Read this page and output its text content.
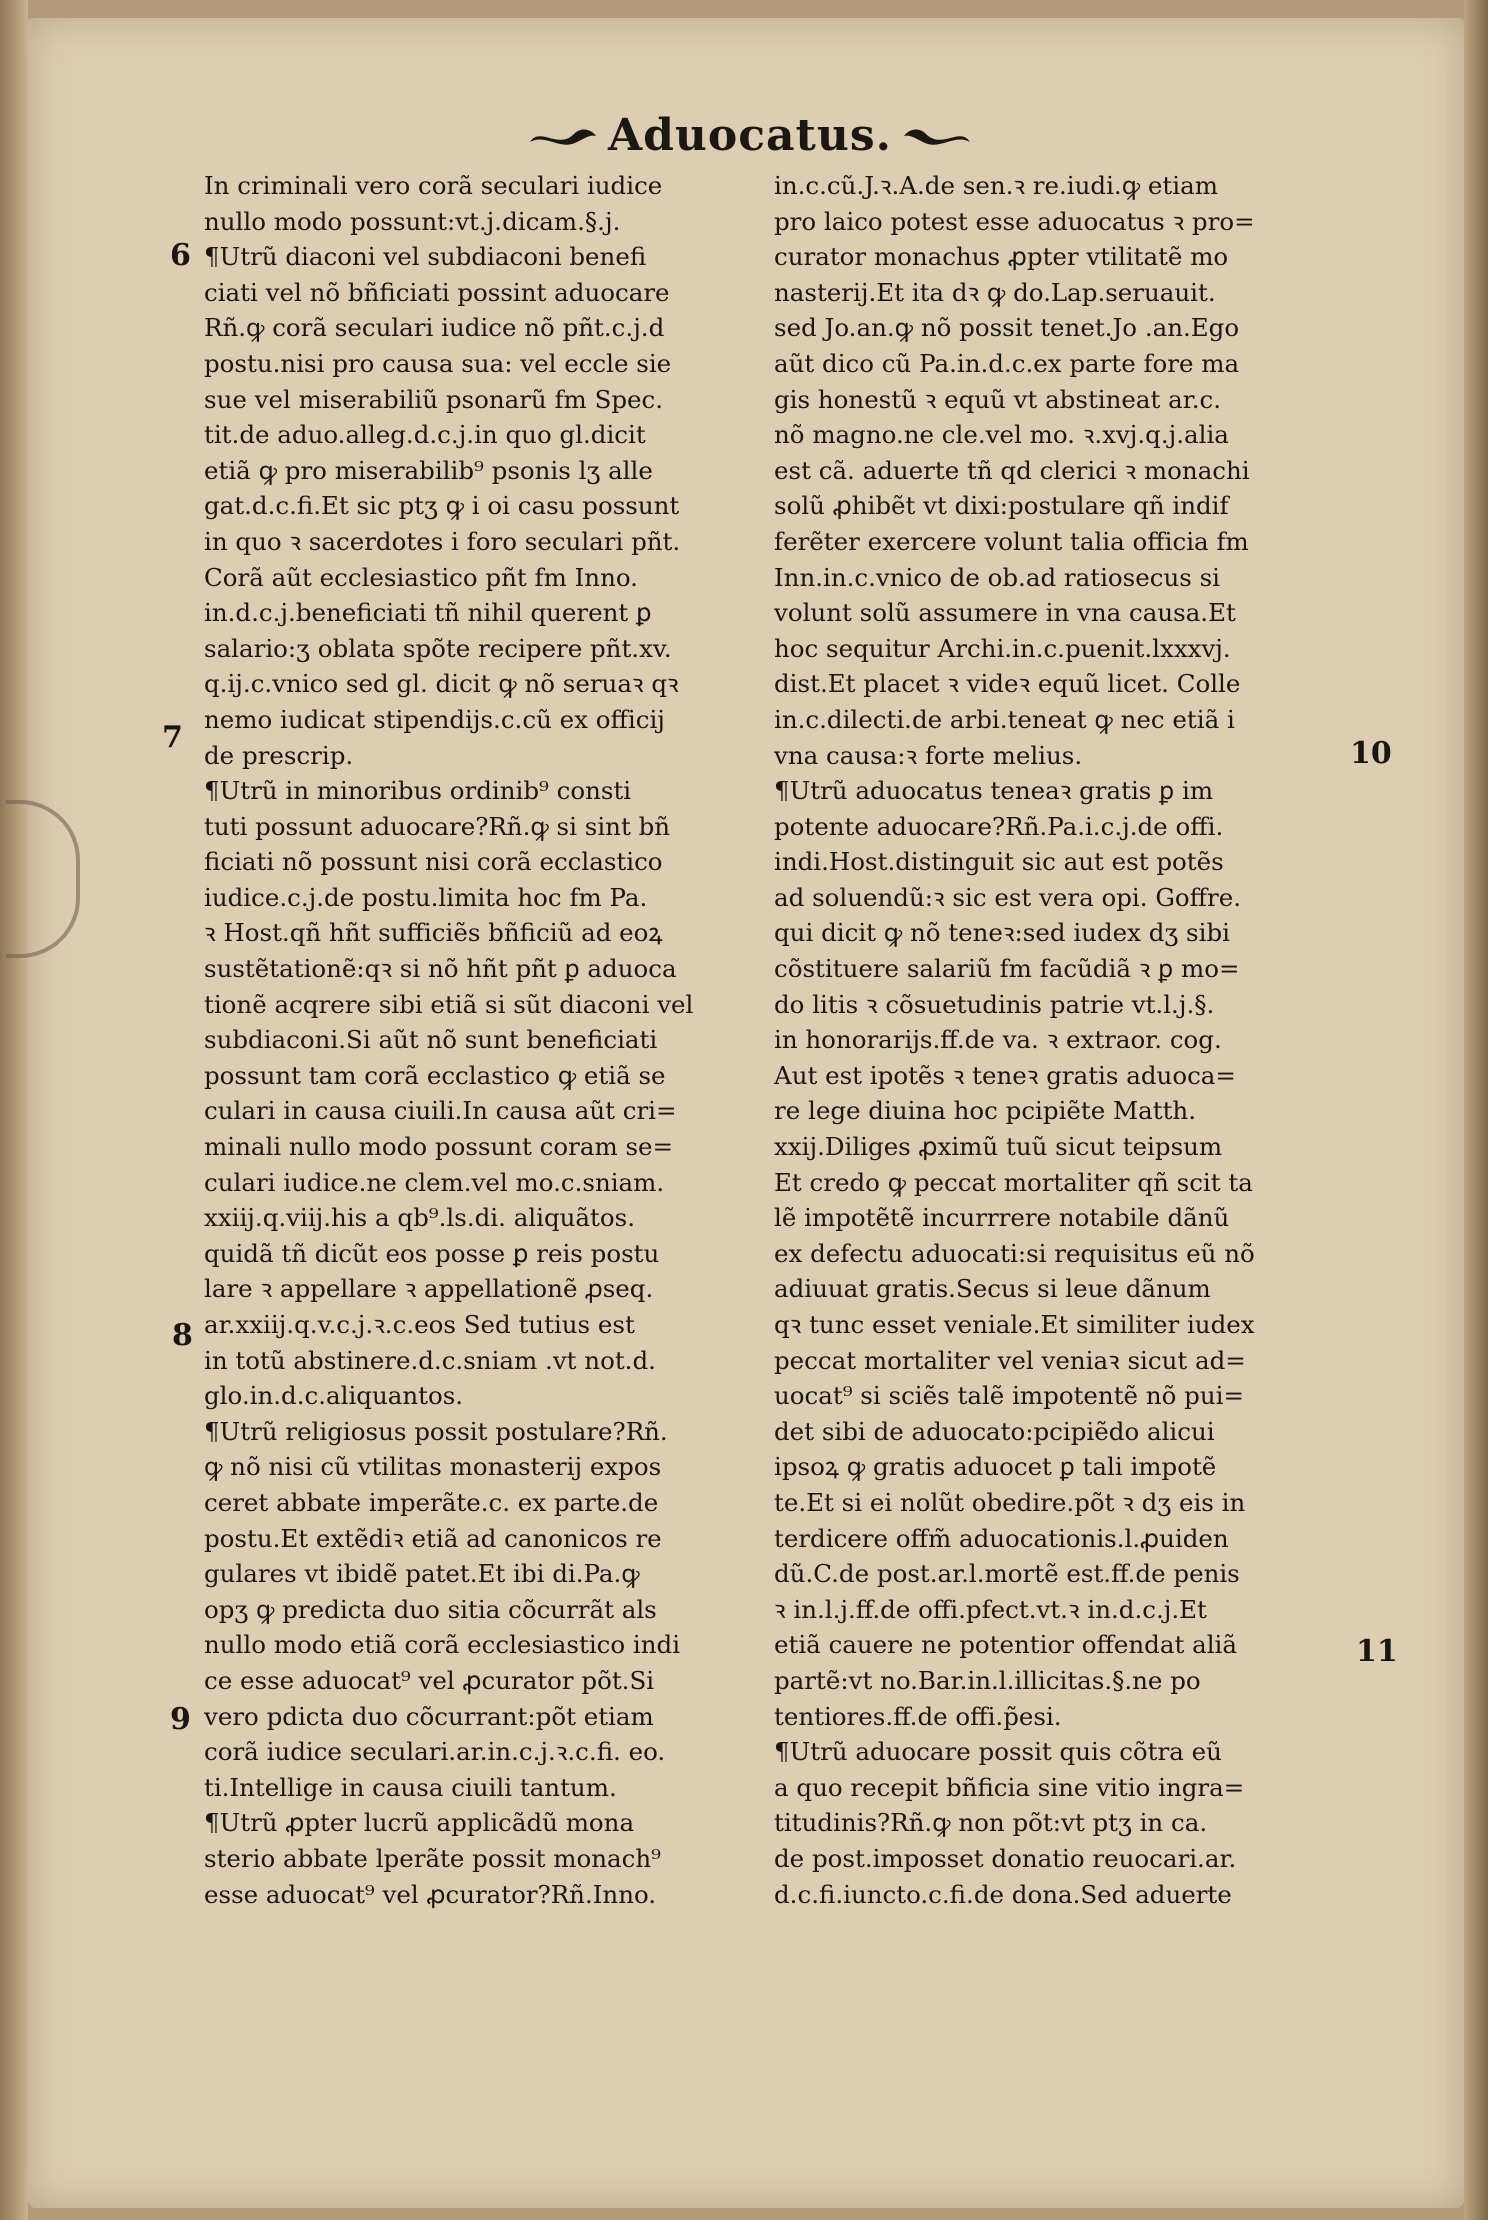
Aduocatus.
In criminali vero corã seculari iudice
nullo modo possunt:vt.j.dicam.§.j.
¶Utrũ diaconi vel subdiaconi benefi
ciati vel nõ bñficiati possint aduocare
Rñ.ꝙ corã seculari iudice nõ pñt.c.j.d
postu.nisi pro causa sua: vel eccle sie
sue vel miserabiliũ psonarũ fm Spec.
tit.de aduo.alleg.d.c.j.in quo gl.dicit
etiã ꝙ pro miserabilib⁹ psonis lʒ alle
gat.d.c.fi.Et sic ptʒ ꝙ i oi casu possunt
in quo ꝛ sacerdotes i foro seculari pñt.
Corã aũt ecclesiastico pñt fm Inno.
in.d.c.j.beneficiati tñ nihil querent ꝑ
salario:ʒ oblata spõte recipere pñt.xv.
q.ij.c.vnico sed gl. dicit ꝙ nõ seruaꝛ qꝛ
nemo iudicat stipendijs.c.cũ ex officij
de prescrip.
¶Utrũ in minoribus ordinib⁹ consti
tuti possunt aduocare?Rñ.ꝙ si sint bñ
ficiati nõ possunt nisi corã ecclastico
iudice.c.j.de postu.limita hoc fm Pa.
ꝛ Host.qñ hñt sufficiẽs bñficiũ ad eoꝝ
sustẽtationẽ:qꝛ si nõ hñt pñt ꝑ aduoca
tionẽ acqrere sibi etiã si sũt diaconi vel
subdiaconi.Si aũt nõ sunt beneficiati
possunt tam corã ecclastico ꝙ etiã se
culari in causa ciuili.In causa aũt cri=
minali nullo modo possunt coram se=
culari iudice.ne clem.vel mo.c.sniam.
xxiij.q.viij.his a qb⁹.ls.di. aliquãtos.
quidã tñ dicũt eos posse ꝑ reis postu
lare ꝛ appellare ꝛ appellationẽ ꝓseq.
ar.xxiij.q.v.c.j.ꝛ.c.eos Sed tutius est
in totũ abstinere.d.c.sniam .vt not.d.
glo.in.d.c.aliquantos.
¶Utrũ religiosus possit postulare?Rñ.
ꝙ nõ nisi cũ vtilitas monasterij expos
ceret abbate imperãte.c. ex parte.de
postu.Et extẽdiꝛ etiã ad canonicos re
gulares vt ibidẽ patet.Et ibi di.Pa.ꝙ
opʒ ꝙ predicta duo sitia cõcurrãt als
nullo modo etiã corã ecclesiastico indi
ce esse aduocat⁹ vel ꝓcurator põt.Si
vero pdicta duo cõcurrant:põt etiam
corã iudice seculari.ar.in.c.j.ꝛ.c.fi. eo.
ti.Intellige in causa ciuili tantum.
¶Utrũ ꝓpter lucrũ applicãdũ mona
sterio abbate lperãte possit monach⁹
esse aduocat⁹ vel ꝓcurator?Rñ.Inno.
in.c.cũ.J.ꝛ.A.de sen.ꝛ re.iudi.ꝙ etiam
pro laico potest esse aduocatus ꝛ pro=
curator monachus ꝓpter vtilitatẽ mo
nasterij.Et ita dꝛ ꝙ do.Lap.seruauit.
sed Jo.an.ꝙ nõ possit tenet.Jo .an.Ego
aũt dico cũ Pa.in.d.c.ex parte fore ma
gis honestũ ꝛ equũ vt abstineat ar.c.
nõ magno.ne cle.vel mo. ꝛ.xvj.q.j.alia
est cã. aduerte tñ qd clerici ꝛ monachi
solũ ꝓhibẽt vt dixi:postulare qñ indif
ferẽter exercere volunt talia officia fm
Inn.in.c.vnico de ob.ad ratiosecus si
volunt solũ assumere in vna causa.Et
hoc sequitur Archi.in.c.puenit.lxxxvj.
dist.Et placet ꝛ videꝛ equũ licet. Colle
in.c.dilecti.de arbi.teneat ꝙ nec etiã i
vna causa:ꝛ forte melius.
¶Utrũ aduocatus teneaꝛ gratis ꝑ im
potente aduocare?Rñ.Pa.i.c.j.de offi.
indi.Host.distinguit sic aut est potẽs
ad soluendũ:ꝛ sic est vera opi. Goffre.
qui dicit ꝙ nõ teneꝛ:sed iudex dʒ sibi
cõstituere salariũ fm facũdiã ꝛ ꝑ mo=
do litis ꝛ cõsuetudinis patrie vt.l.j.§.
in honorarijs.ff.de va. ꝛ extraor. cog.
Aut est ipotẽs ꝛ teneꝛ gratis aduoca=
re lege diuina hoc pcipiẽte Matth.
xxij.Diliges ꝓximũ tuũ sicut teipsum
Et credo ꝙ peccat mortaliter qñ scit ta
lẽ impotẽtẽ incurrrere notabile dãnũ
ex defectu aduocati:si requisitus eũ nõ
adiuuat gratis.Secus si leue dãnum
qꝛ tunc esset veniale.Et similiter iudex
peccat mortaliter vel veniaꝛ sicut ad=
uocat⁹ si sciẽs talẽ impotentẽ nõ pui=
det sibi de aduocato:pcipiẽdo alicui
ipsoꝝ ꝙ gratis aduocet ꝑ tali impotẽ
te.Et si ei nolũt obedire.põt ꝛ dʒ eis in
terdicere offm̃ aduocationis.l.ꝓuiden
dũ.C.de post.ar.l.mortẽ est.ff.de penis
ꝛ in.l.j.ff.de offi.pfect.vt.ꝛ in.d.c.j.Et
etiã cauere ne potentior offendat aliã
partẽ:vt no.Bar.in.l.illicitas.§.ne po
tentiores.ff.de offi.p̃esi.
¶Utrũ aduocare possit quis cõtra eũ
a quo recepit bñficia sine vitio ingra=
titudinis?Rñ.ꝙ non põt:vt ptʒ in ca.
de post.imposset donatio reuocari.ar.
d.c.fi.iuncto.c.fi.de dona.Sed aduerte
6
7
8
9
10
11
